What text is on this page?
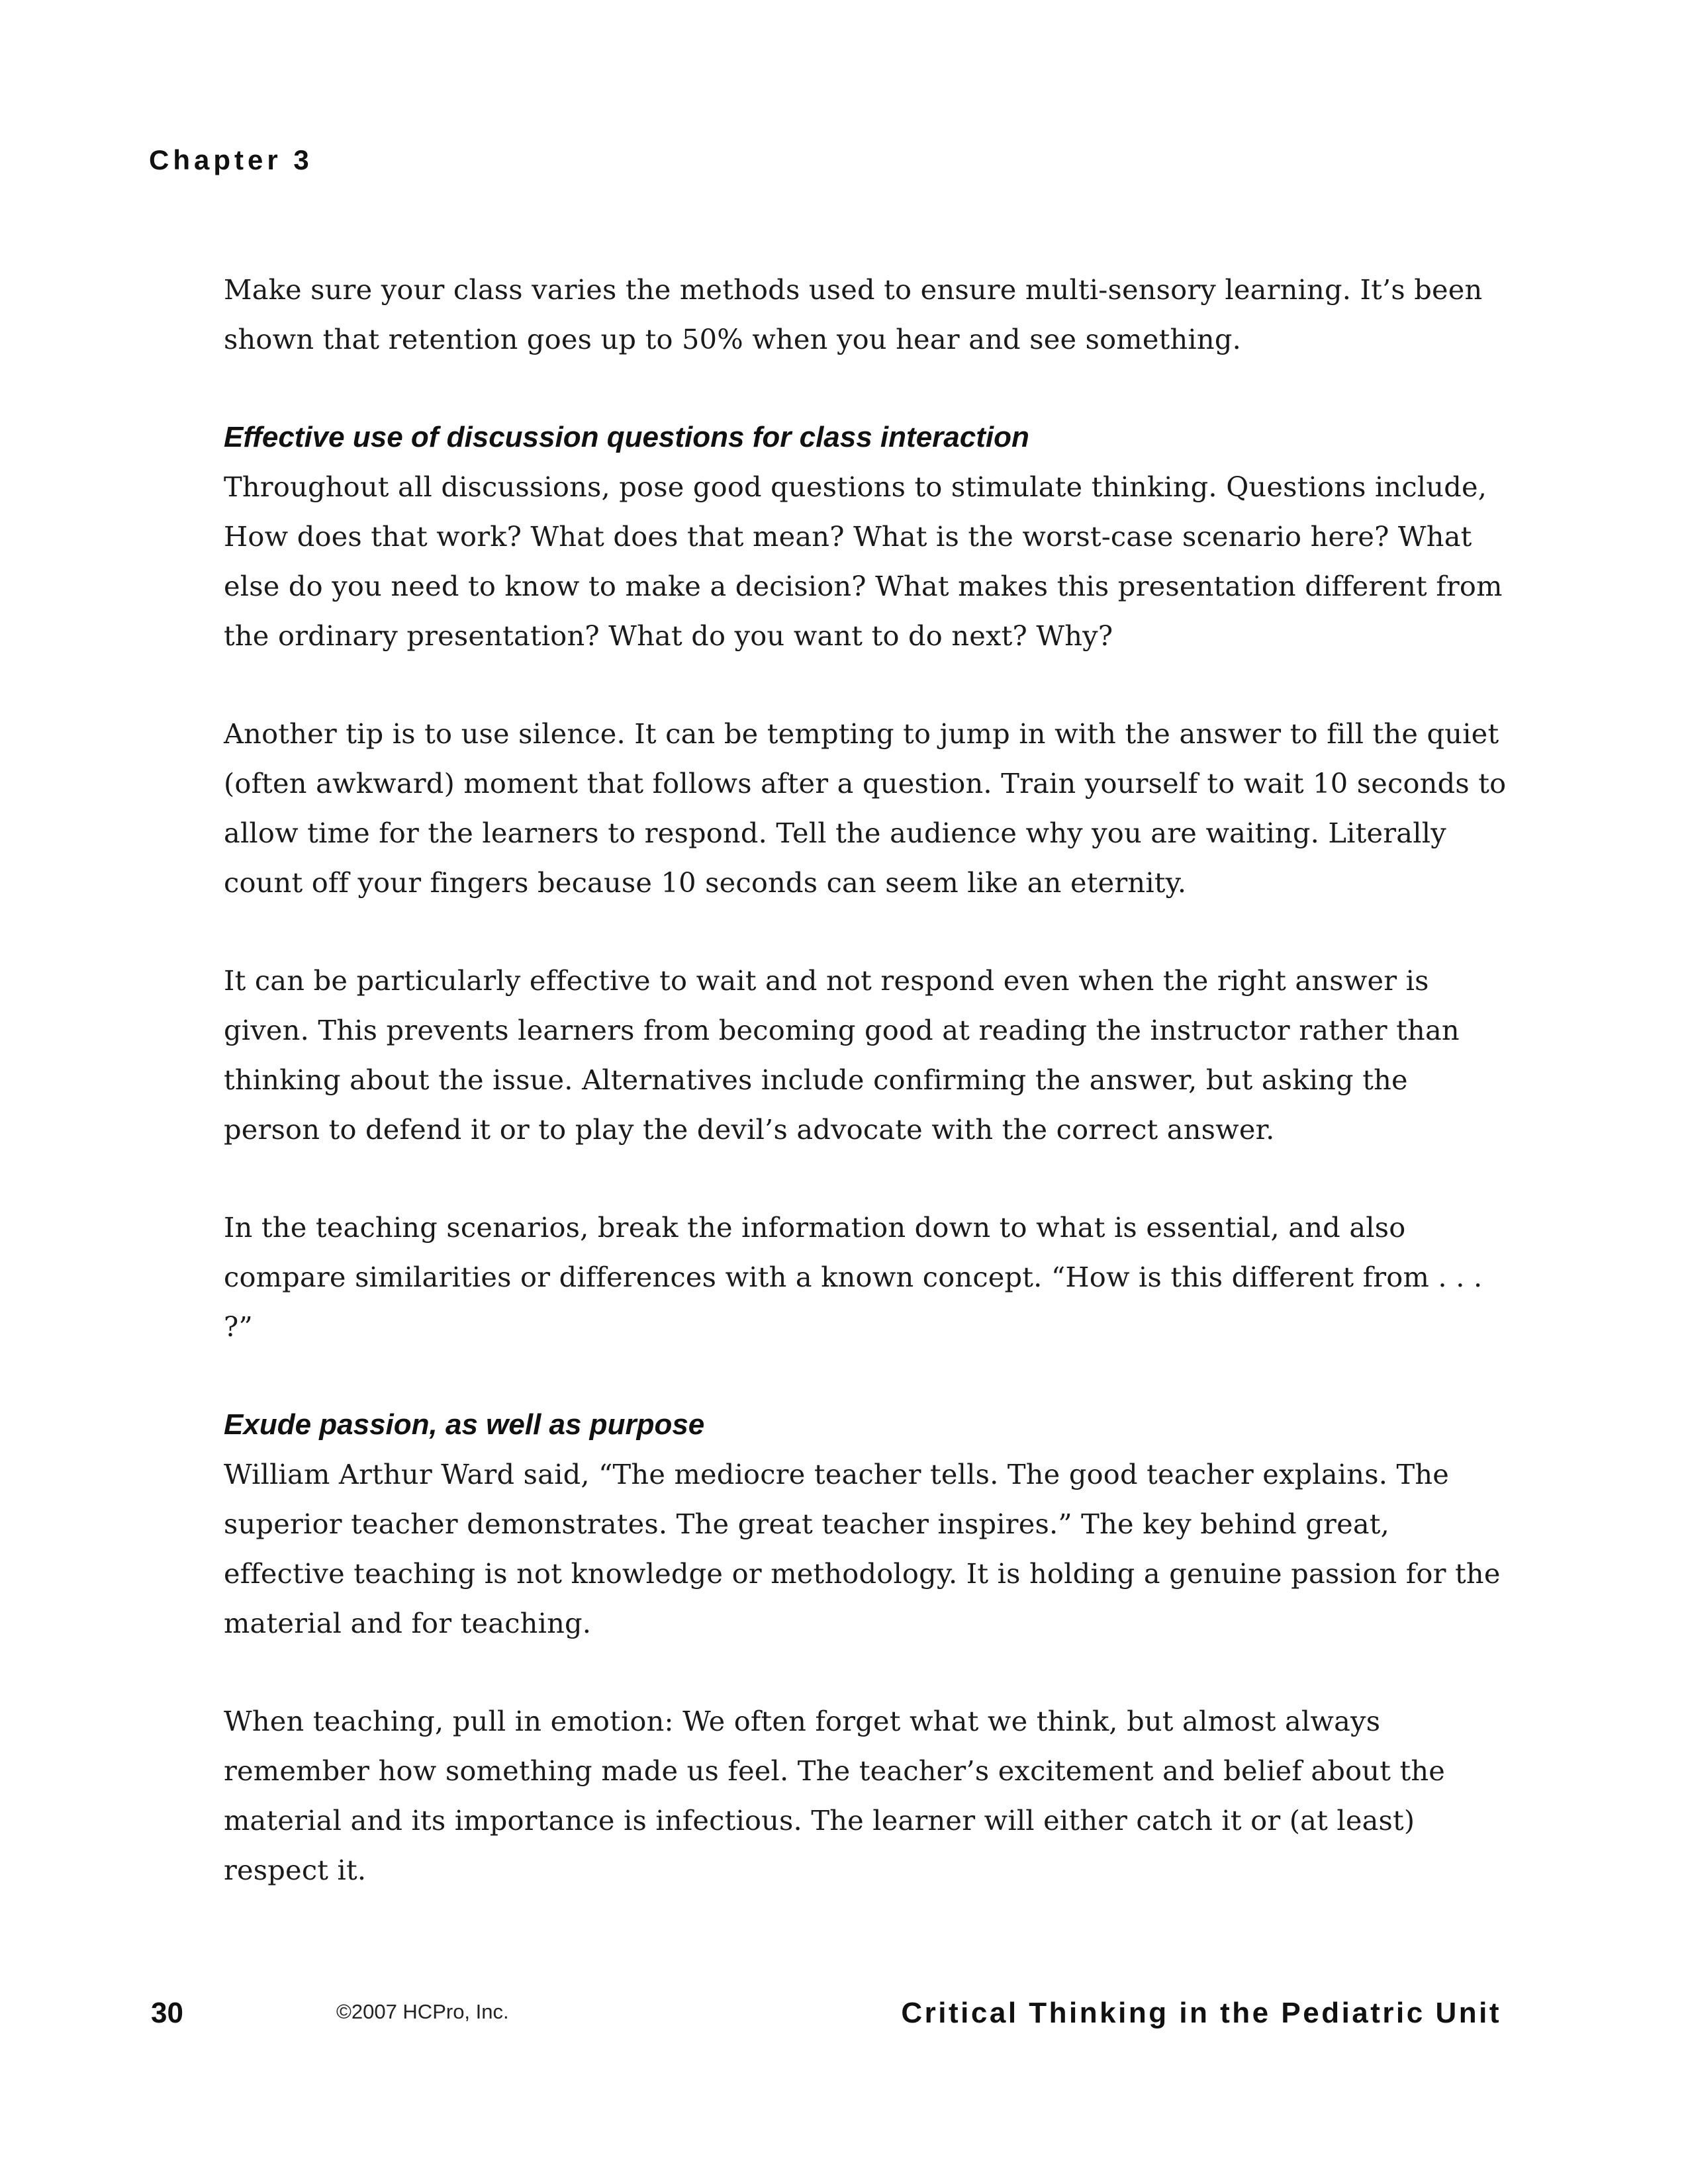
Chapter 3

Make sure your class varies the methods used to ensure multi-sensory learning. It’s been shown that retention goes up to 50% when you hear and see something.

Effective use of discussion questions for class interaction

Throughout all discussions, pose good questions to stimulate thinking. Questions include, How does that work? What does that mean? What is the worst-case scenario here? What else do you need to know to make a decision? What makes this presentation different from the ordinary presentation? What do you want to do next? Why?

Another tip is to use silence. It can be tempting to jump in with the answer to fill the quiet (often awkward) moment that follows after a question. Train yourself to wait 10 seconds to allow time for the learners to respond. Tell the audience why you are waiting. Literally count off your fingers because 10 seconds can seem like an eternity.

It can be particularly effective to wait and not respond even when the right answer is given. This prevents learners from becoming good at reading the instructor rather than thinking about the issue. Alternatives include confirming the answer, but asking the person to defend it or to play the devil’s advocate with the correct answer.

In the teaching scenarios, break the information down to what is essential, and also compare similarities or differences with a known concept. “How is this different from . . . ?”

Exude passion, as well as purpose

William Arthur Ward said, “The mediocre teacher tells. The good teacher explains. The superior teacher demonstrates. The great teacher inspires.” The key behind great, effective teaching is not knowledge or methodology. It is holding a genuine passion for the material and for teaching.

When teaching, pull in emotion: We often forget what we think, but almost always remember how something made us feel. The teacher’s excitement and belief about the material and its importance is infectious. The learner will either catch it or (at least) respect it.

30	©2007 HCPro, Inc.	Critical Thinking in the Pediatric Unit
